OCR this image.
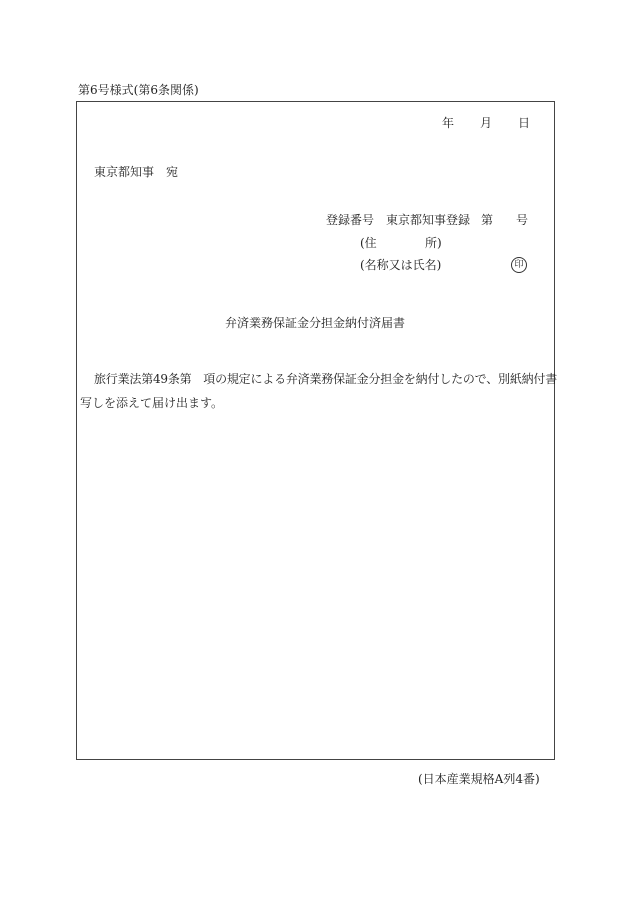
第6号様式(第6条関係)
年 月 日
東京都知事　宛
登録番号 東京都知事登録 第 号
(住	所)
(名称又は氏名)	印
弁済業務保証金分担金納付済届書
旅行業法第49条第　項の規定による弁済業務保証金分担金を納付したので、別紙納付書
写しを添えて届け出ます。
(日本産業規格A列4番)
